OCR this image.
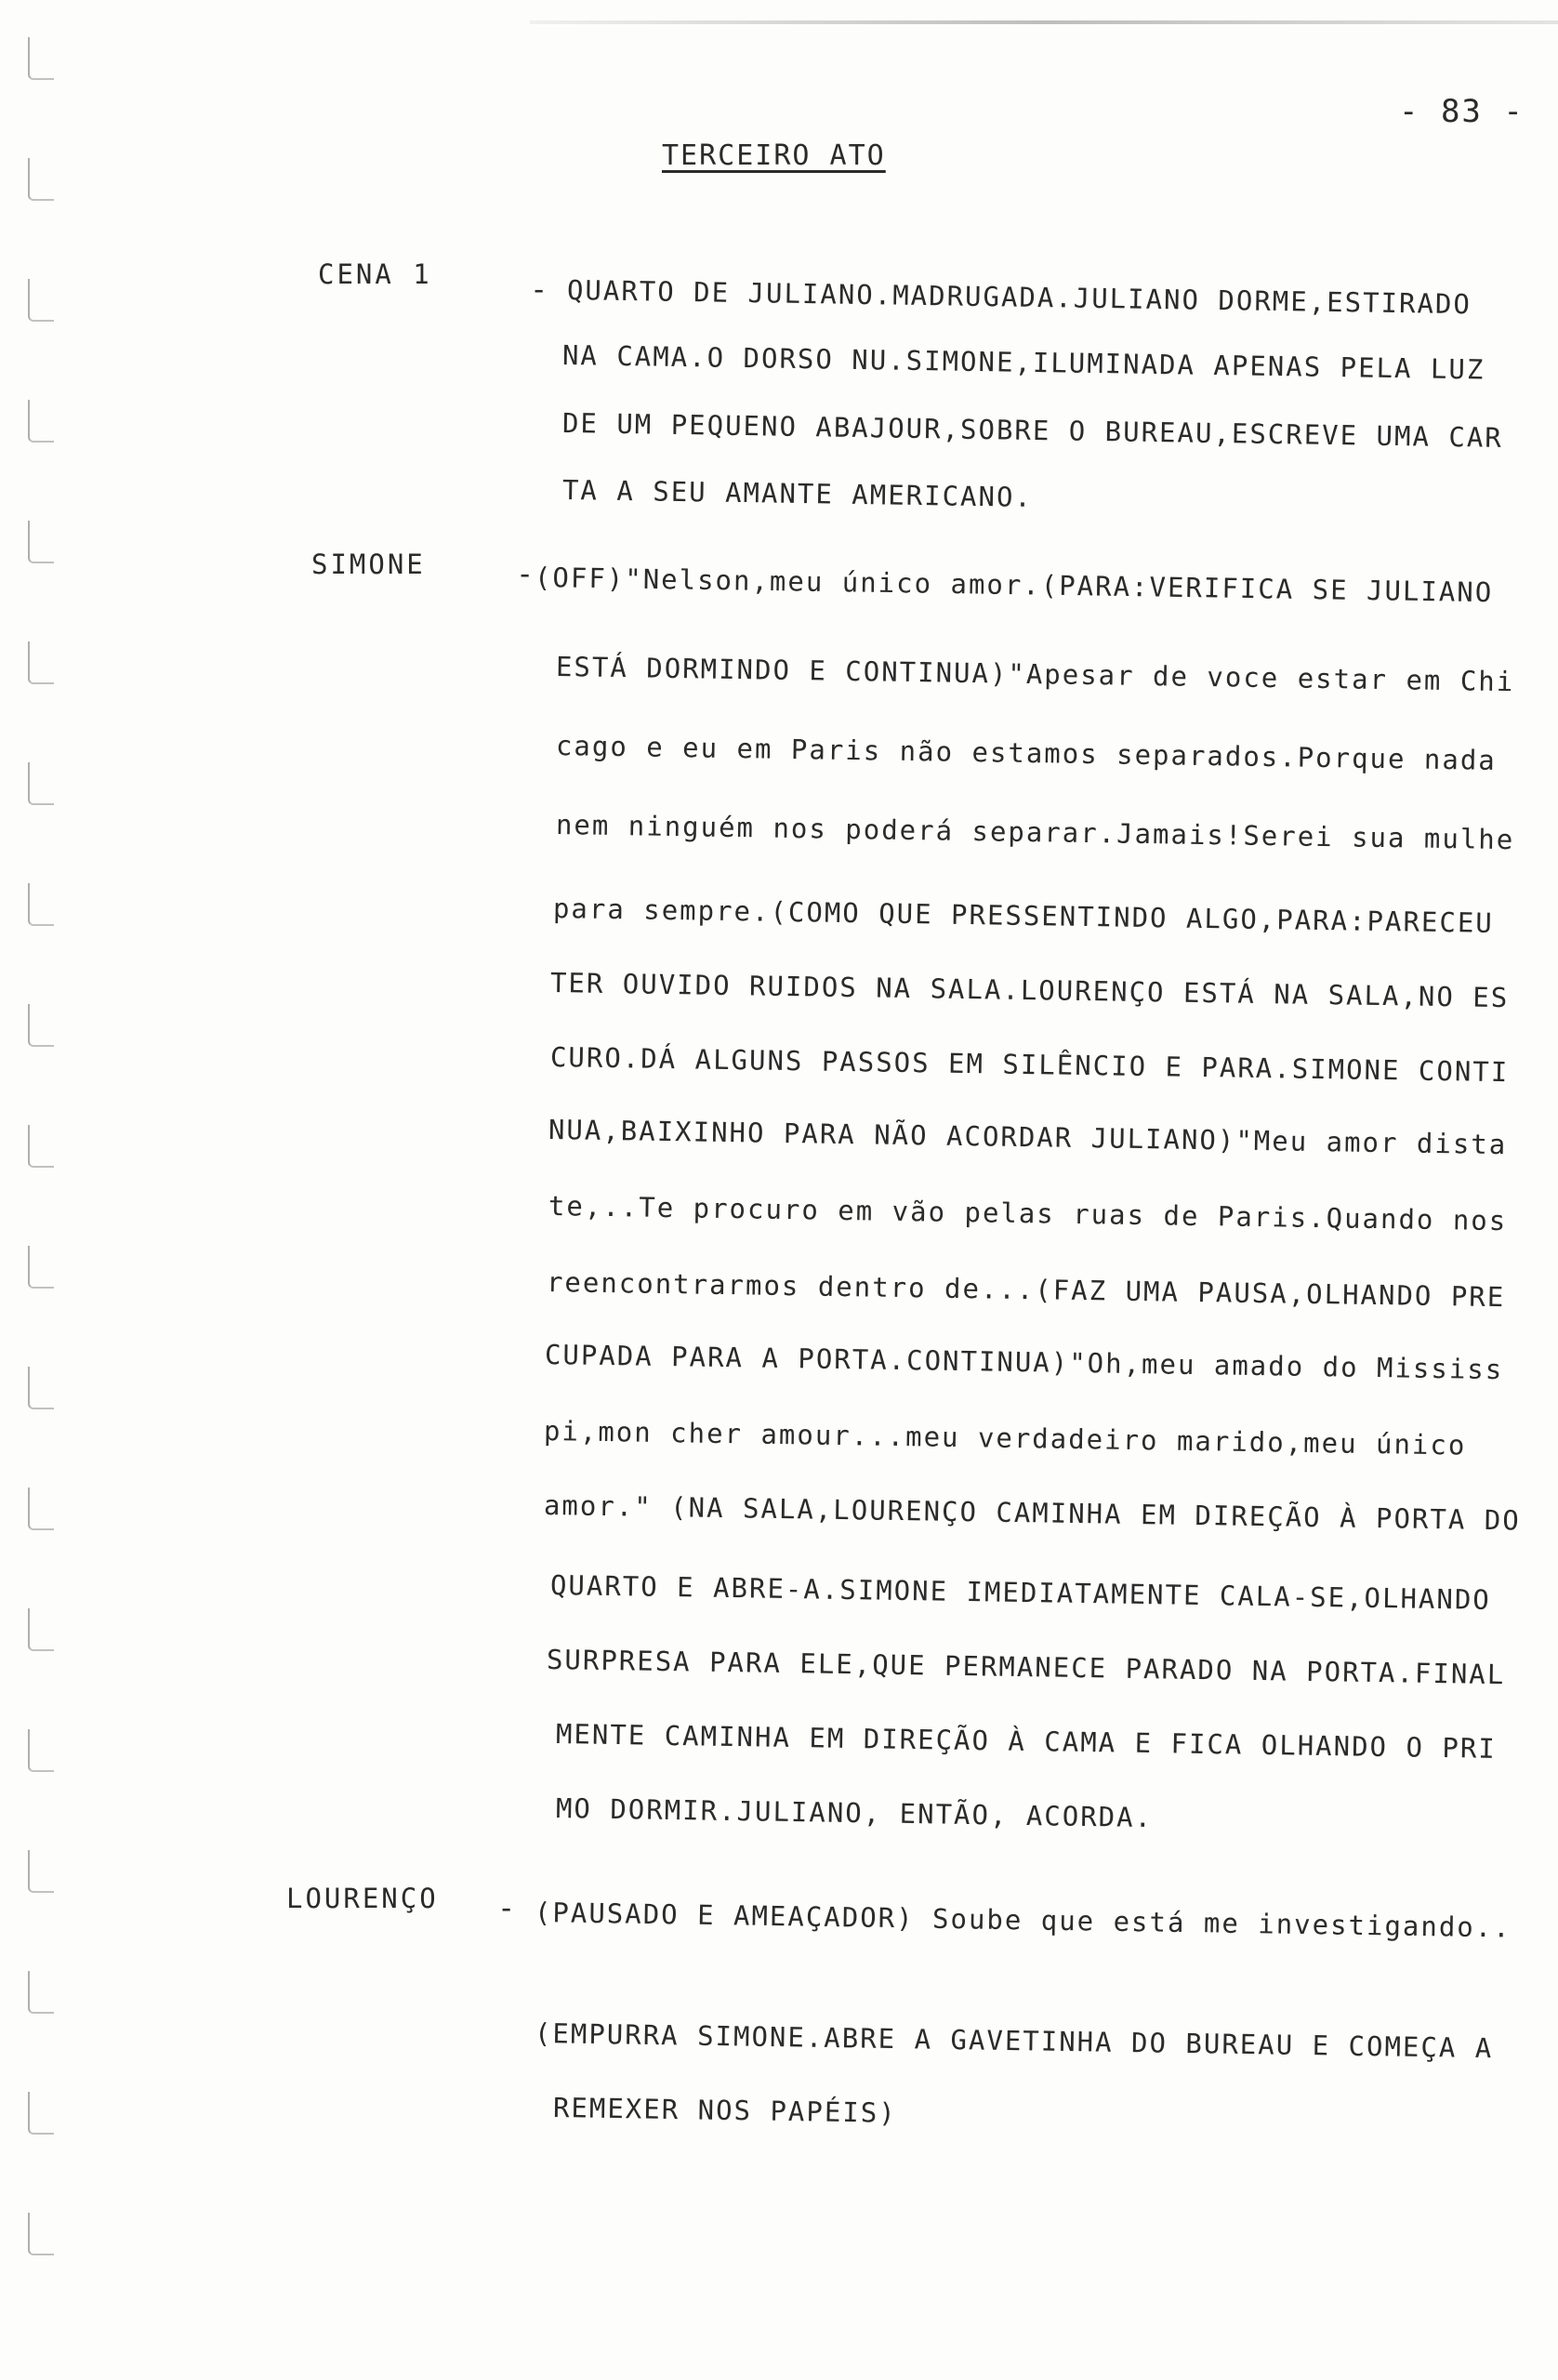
- 83 -
TERCEIRO ATO
CENA 1	- QUARTO DE JULIANO.MADRUGADA.JULIANO DORME,ESTIRADO
NA CAMA.O DORSO NU.SIMONE,ILUMINADA APENAS PELA LUZ
DE UM PEQUENO ABAJOUR,SOBRE O BUREAU,ESCREVE UMA CAR
TA A SEU AMANTE AMERICANO.
SIMONE	- (OFF)"Nelson,meu único amor.(PARA:VERIFICA SE JULIANO
ESTÁ DORMINDO E CONTINUA)"Apesar de voce estar em Chi
cago e eu em Paris não estamos separados.Porque nada
nem ninguém nos poderá separar.Jamais!Serei sua mulhe
para sempre.(COMO QUE PRESSENTINDO ALGO,PARA:PARECEU
TER OUVIDO RUIDOS NA SALA.LOURENÇO ESTÁ NA SALA,NO ES
CURO.DÁ ALGUNS PASSOS EM SILÊNCIO E PARA.SIMONE CONTI
NUA,BAIXINHO PARA NÃO ACORDAR JULIANO)"Meu amor dista
te,..Te procuro em vão pelas ruas de Paris.Quando nos
reencontrarmos dentro de...(FAZ UMA PAUSA,OLHANDO PRE
CUPADA PARA A PORTA.CONTINUA)"Oh,meu amado do Mississ
pi,mon cher amour...meu verdadeiro marido,meu único
amor." (NA SALA,LOURENÇO CAMINHA EM DIREÇÃO À PORTA DO
QUARTO E ABRE-A.SIMONE IMEDIATAMENTE CALA-SE,OLHANDO
SURPRESA PARA ELE,QUE PERMANECE PARADO NA PORTA.FINAL
MENTE CAMINHA EM DIREÇÃO À CAMA E FICA OLHANDO O PRI
MO DORMIR.JULIANO, ENTÃO, ACORDA.
LOURENÇO - (PAUSADO E AMEAÇADOR) Soube que está me investigando..
(EMPURRA SIMONE.ABRE A GAVETINHA DO BUREAU E COMEÇA A
REMEXER NOS PAPÉIS)
